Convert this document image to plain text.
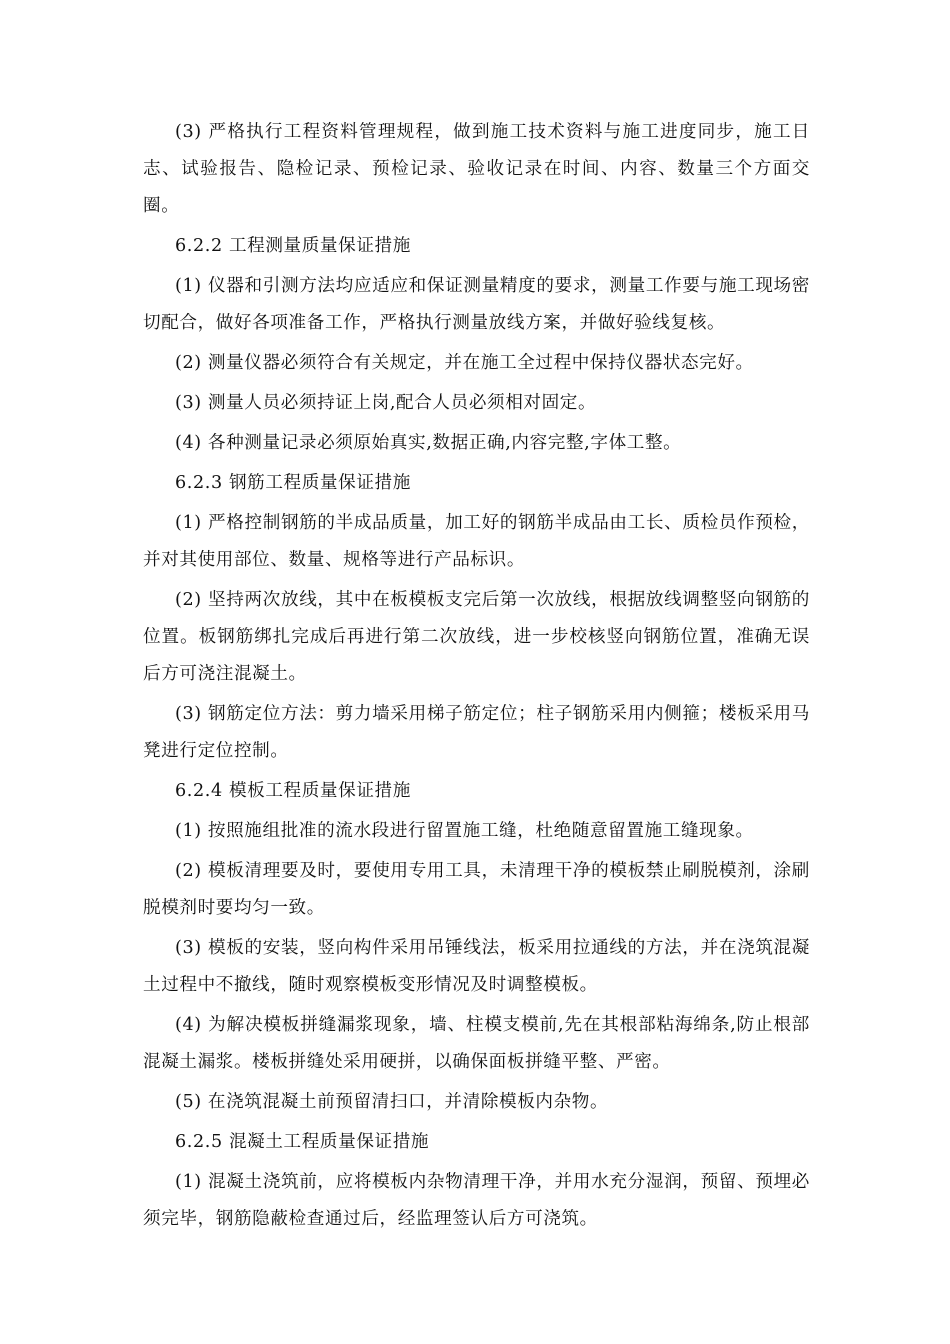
(3) 严格执行工程资料管理规程，做到施工技术资料与施工进度同步，施工日志、试验报告、隐检记录、预检记录、验收记录在时间、内容、数量三个方面交圈。

6.2.2 工程测量质量保证措施

(1) 仪器和引测方法均应适应和保证测量精度的要求，测量工作要与施工现场密切配合，做好各项准备工作，严格执行测量放线方案，并做好验线复核。

(2) 测量仪器必须符合有关规定，并在施工全过程中保持仪器状态完好。

(3) 测量人员必须持证上岗,配合人员必须相对固定。

(4) 各种测量记录必须原始真实,数据正确,内容完整,字体工整。

6.2.3 钢筋工程质量保证措施

(1) 严格控制钢筋的半成品质量，加工好的钢筋半成品由工长、质检员作预检，并对其使用部位、数量、规格等进行产品标识。

(2) 坚持两次放线，其中在板模板支完后第一次放线，根据放线调整竖向钢筋的位置。板钢筋绑扎完成后再进行第二次放线，进一步校核竖向钢筋位置，准确无误后方可浇注混凝土。

(3) 钢筋定位方法：剪力墙采用梯子筋定位；柱子钢筋采用内侧箍；楼板采用马凳进行定位控制。

6.2.4 模板工程质量保证措施

(1) 按照施组批准的流水段进行留置施工缝，杜绝随意留置施工缝现象。

(2) 模板清理要及时，要使用专用工具，未清理干净的模板禁止刷脱模剂，涂刷脱模剂时要均匀一致。

(3) 模板的安装，竖向构件采用吊锤线法，板采用拉通线的方法，并在浇筑混凝土过程中不撤线，随时观察模板变形情况及时调整模板。

(4) 为解决模板拼缝漏浆现象，墙、柱模支模前,先在其根部粘海绵条,防止根部混凝土漏浆。楼板拼缝处采用硬拼，以确保面板拼缝平整、严密。

(5) 在浇筑混凝土前预留清扫口，并清除模板内杂物。

6.2.5 混凝土工程质量保证措施

(1) 混凝土浇筑前，应将模板内杂物清理干净，并用水充分湿润，预留、预埋必须完毕，钢筋隐蔽检查通过后，经监理签认后方可浇筑。
